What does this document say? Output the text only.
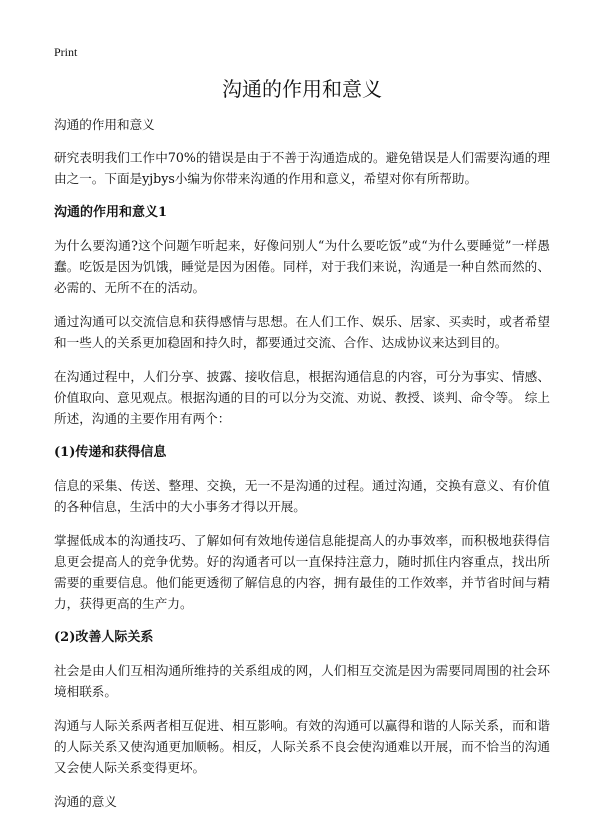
Print
沟通的作用和意义
沟通的作用和意义
研究表明我们工作中70%的错误是由于不善于沟通造成的。避免错误是人们需要沟通的理由之一。下面是yjbys小编为你带来沟通的作用和意义，希望对你有所帮助。
沟通的作用和意义1
为什么要沟通?这个问题乍听起来，好像问别人“为什么要吃饭”或“为什么要睡觉”一样愚蠢。吃饭是因为饥饿，睡觉是因为困倦。同样，对于我们来说，沟通是一种自然而然的、必需的、无所不在的活动。
通过沟通可以交流信息和获得感情与思想。在人们工作、娱乐、居家、买卖时，或者希望和一些人的关系更加稳固和持久时，都要通过交流、合作、达成协议来达到目的。
在沟通过程中，人们分享、披露、接收信息，根据沟通信息的内容，可分为事实、情感、价值取向、意见观点。根据沟通的目的可以分为交流、劝说、教授、谈判、命令等。 综上所述，沟通的主要作用有两个：
(1)传递和获得信息
信息的采集、传送、整理、交换，无一不是沟通的过程。通过沟通，交换有意义、有价值的各种信息，生活中的大小事务才得以开展。
掌握低成本的沟通技巧、了解如何有效地传递信息能提高人的办事效率，而积极地获得信息更会提高人的竞争优势。好的沟通者可以一直保持注意力，随时抓住内容重点，找出所需要的重要信息。他们能更透彻了解信息的内容，拥有最佳的工作效率，并节省时间与精力，获得更高的生产力。
(2)改善人际关系
社会是由人们互相沟通所维持的关系组成的网，人们相互交流是因为需要同周围的社会环境相联系。
沟通与人际关系两者相互促进、相互影响。有效的沟通可以赢得和谐的人际关系，而和谐的人际关系又使沟通更加顺畅。相反，人际关系不良会使沟通难以开展，而不恰当的沟通又会使人际关系变得更坏。
沟通的意义
